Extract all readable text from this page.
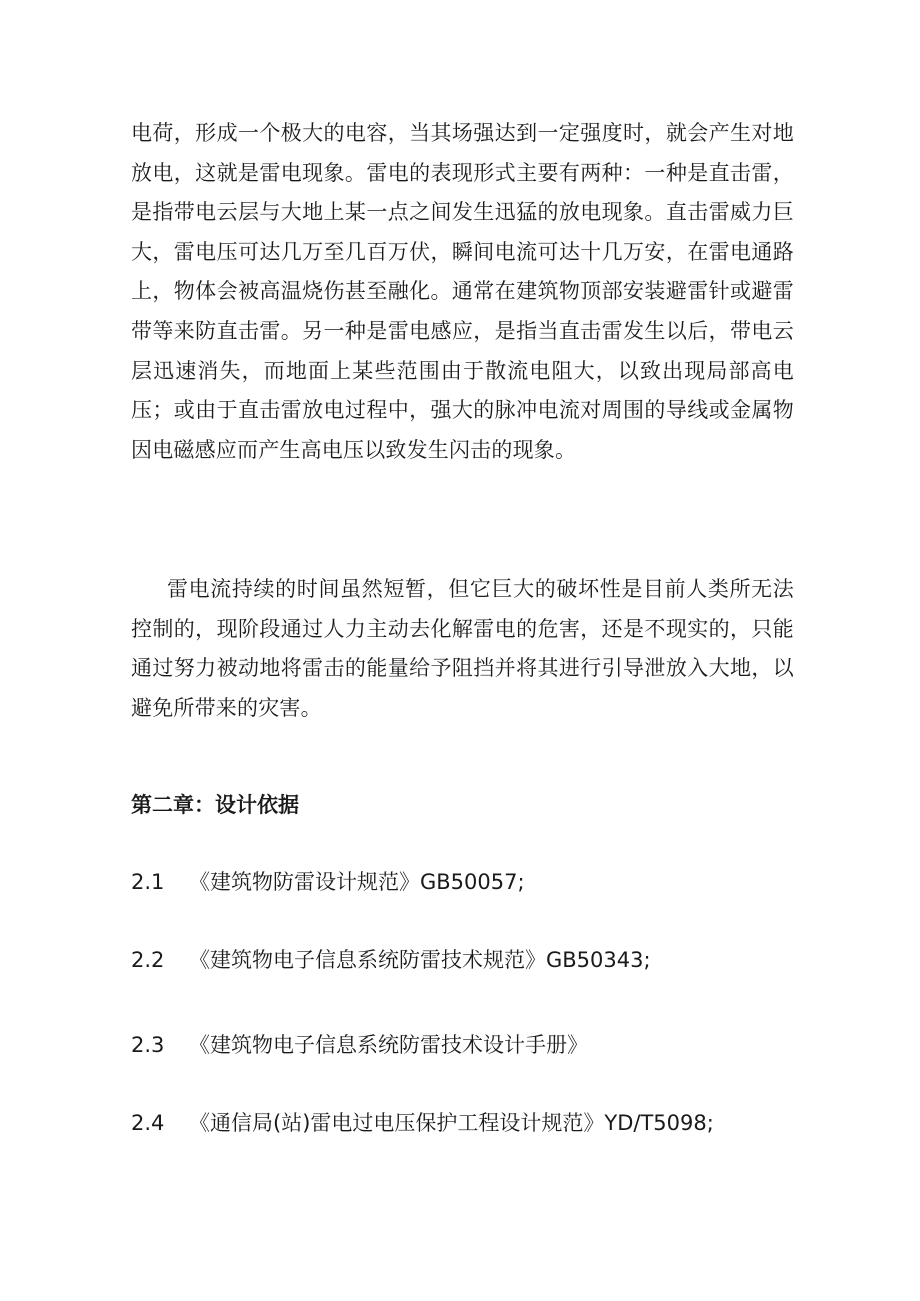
电荷，形成一个极大的电容，当其场强达到一定强度时，就会产生对地放电，这就是雷电现象。雷电的表现形式主要有两种：一种是直击雷，是指带电云层与大地上某一点之间发生迅猛的放电现象。直击雷威力巨大，雷电压可达几万至几百万伏，瞬间电流可达十几万安，在雷电通路上，物体会被高温烧伤甚至融化。通常在建筑物顶部安装避雷针或避雷带等来防直击雷。另一种是雷电感应，是指当直击雷发生以后，带电云层迅速消失，而地面上某些范围由于散流电阻大，以致出现局部高电压；或由于直击雷放电过程中，强大的脉冲电流对周围的导线或金属物因电磁感应而产生高电压以致发生闪击的现象。

雷电流持续的时间虽然短暂，但它巨大的破坏性是目前人类所无法控制的，现阶段通过人力主动去化解雷电的危害，还是不现实的，只能通过努力被动地将雷击的能量给予阻挡并将其进行引导泄放入大地，以避免所带来的灾害。

第二章：设计依据

2.1 《建筑物防雷设计规范》GB50057;

2.2 《建筑物电子信息系统防雷技术规范》GB50343;

2.3 《建筑物电子信息系统防雷技术设计手册》

2.4 《通信局(站)雷电过电压保护工程设计规范》YD/T5098;
